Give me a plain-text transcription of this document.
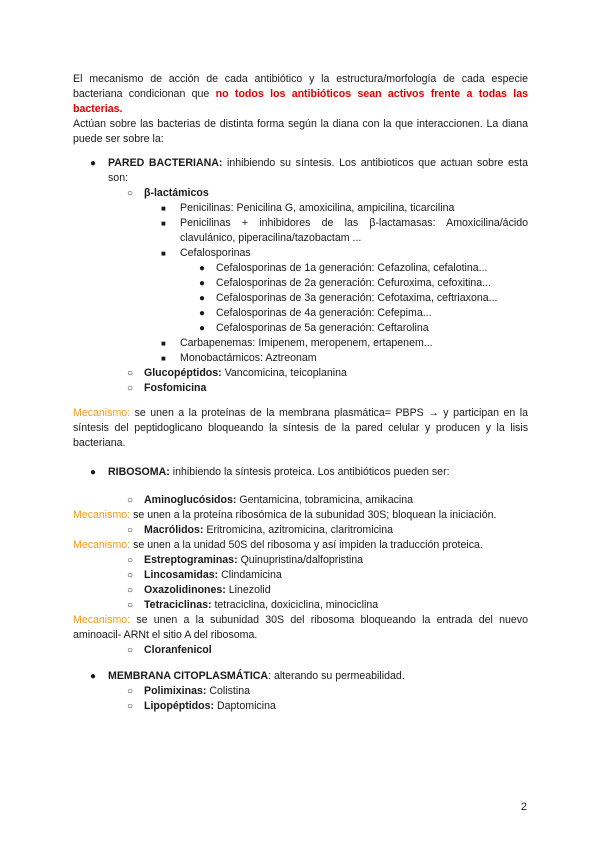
El mecanismo de acción de cada antibiótico y la estructura/morfología de cada especie bacteriana condicionan que no todos los antibióticos sean activos frente a todas las bacterias.

Actúan sobre las bacterias de distinta forma según la diana con la que interaccionen. La diana puede ser sobre la:

● PARED BACTERIANA: inhibiendo su síntesis. Los antibioticos que actuan sobre esta son:
○ β-lactámicos
■ Penicilinas: Penicilina G, amoxicilina, ampicilina, ticarcilina
■ Penicilinas + inhibidores de las β-lactamasas: Amoxicilina/ácido clavulánico, piperacilina/tazobactam ...
■ Cefalosporinas
● Cefalosporinas de 1a generación: Cefazolina, cefalotina...
● Cefalosporinas de 2a generación: Cefuroxima, cefoxitina...
● Cefalosporinas de 3a generación: Cefotaxima, ceftriaxona...
● Cefalosporinas de 4a generación: Cefepima...
● Cefalosporinas de 5a generación: Ceftarolina
■ Carbapenemas: Imipenem, meropenem, ertapenem...
■ Monobactámicos: Aztreonam
○ Glucopéptidos: Vancomicina, teicoplanina
○ Fosfomicina

Mecanismo: se unen a la proteínas de la membrana plasmática= PBPS → y participan en la síntesis del peptidoglicano bloqueando la síntesis de la pared celular y producen y la lisis bacteriana.

● RIBOSOMA: inhibiendo la síntesis proteica. Los antibióticos pueden ser:
○ Aminoglucósidos: Gentamicina, tobramicina, amikacina
Mecanismo: se unen a la proteína ribosómica de la subunidad 30S; bloquean la iniciación.
○ Macrólidos: Eritromicina, azitromicina, claritromicina
Mecanismo: se unen a la unidad 50S del ribosoma y así impiden la traducción proteica.
○ Estreptograminas: Quinupristina/dalfopristina
○ Lincosamidas: Clindamicina
○ Oxazolidinones: Linezolid
○ Tetraciclinas: tetraciclina, doxiciclina, minociclina

Mecanismo: se unen a la subunidad 30S del ribosoma bloqueando la entrada del nuevo aminoacil- ARNt el sitio A del ribosoma.

○ Cloranfenicol
● MEMBRANA CITOPLASMÁTICA: alterando su permeabilidad.
○ Polimixinas: Colistina
○ Lipopéptidos: Daptomicina
2
